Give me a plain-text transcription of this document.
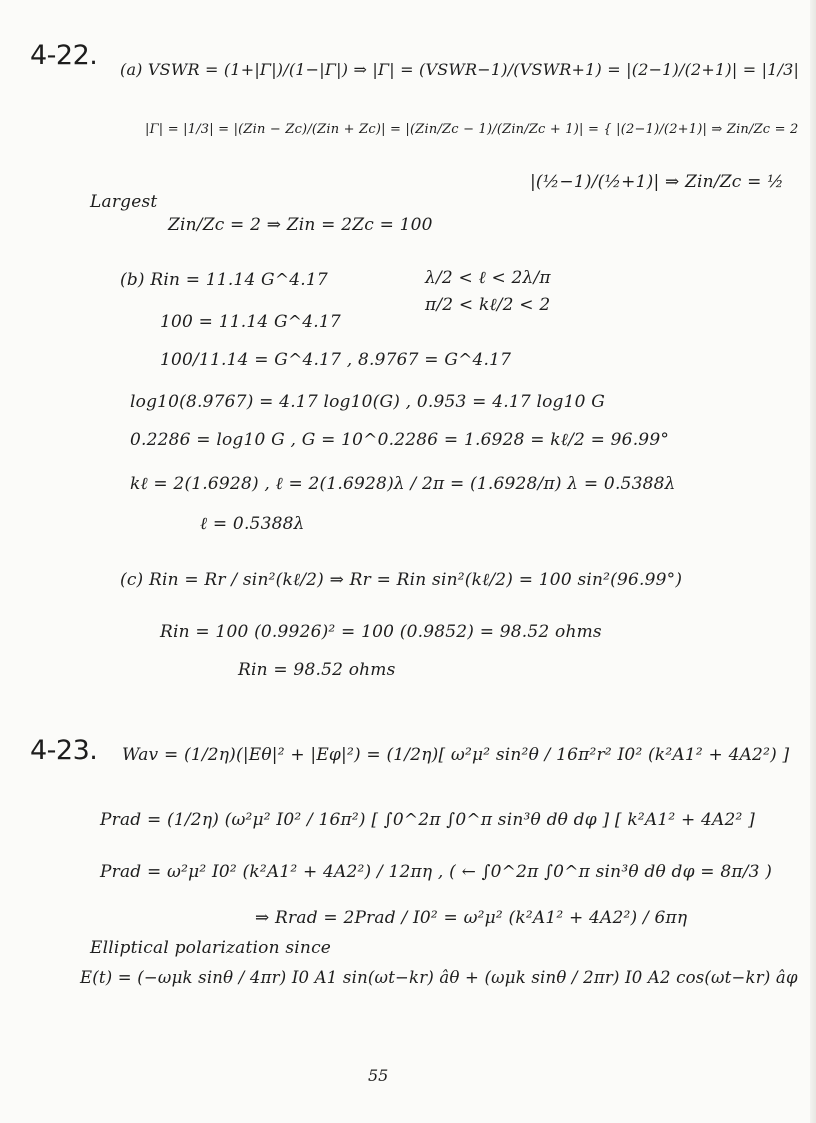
4-22. (a) VSWR = (1+|Γ|)/(1−|Γ|) ⇒ |Γ| = (VSWR−1)/(VSWR+1) = |(2−1)/(2+1)| = |1/3|
|Γ| = |1/3| = |(Zin − Zc)/(Zin + Zc)| = |(Zin/Zc − 1)/(Zin/Zc + 1)| = { |(2−1)/(2+1)| ⇒ Zin/Zc = 2
|(½−1)/(½+1)| ⇒ Zin/Zc = ½
Largest
Zin/Zc = 2 ⇒ Zin = 2Zc = 100
(b) Rin = 11.14 G^4.17	λ/2 < ℓ < 2λ/π
π/2 < kℓ/2 < 2
100 = 11.14 G^4.17
100/11.14 = G^4.17 , 8.9767 = G^4.17
log10(8.9767) = 4.17 log10(G) , 0.953 = 4.17 log10 G
0.2286 = log10 G , G = 10^0.2286 = 1.6928 = kℓ/2 = 96.99°
kℓ = 2(1.6928) , ℓ = 2(1.6928)λ / 2π = (1.6928/π) λ = 0.5388λ
ℓ = 0.5388λ
(c) Rin = Rr / sin²(kℓ/2) ⇒ Rr = Rin sin²(kℓ/2) = 100 sin²(96.99°)
Rin = 100 (0.9926)² = 100 (0.9852) = 98.52 ohms
Rin = 98.52 ohms
4-23. Wav = (1/2η)(|Eθ|² + |Eφ|²) = (1/2η)[ ω²μ² sin²θ / 16π²r² I0² (k²A1² + 4A2²) ]
Prad = (1/2η) (ω²μ² I0² / 16π²) [ ∫0^2π ∫0^π sin³θ dθ dφ ] [ k²A1² + 4A2² ]
Prad = ω²μ² I0² (k²A1² + 4A2²) / 12πη , ( ← ∫0^2π ∫0^π sin³θ dθ dφ = 8π/3 )
⇒ Rrad = 2Prad / I0² = ω²μ² (k²A1² + 4A2²) / 6πη
Elliptical polarization since
E(t) = (−ωμk sinθ / 4πr) I0 A1 sin(ωt−kr) âθ + (ωμk sinθ / 2πr) I0 A2 cos(ωt−kr) âφ
55
